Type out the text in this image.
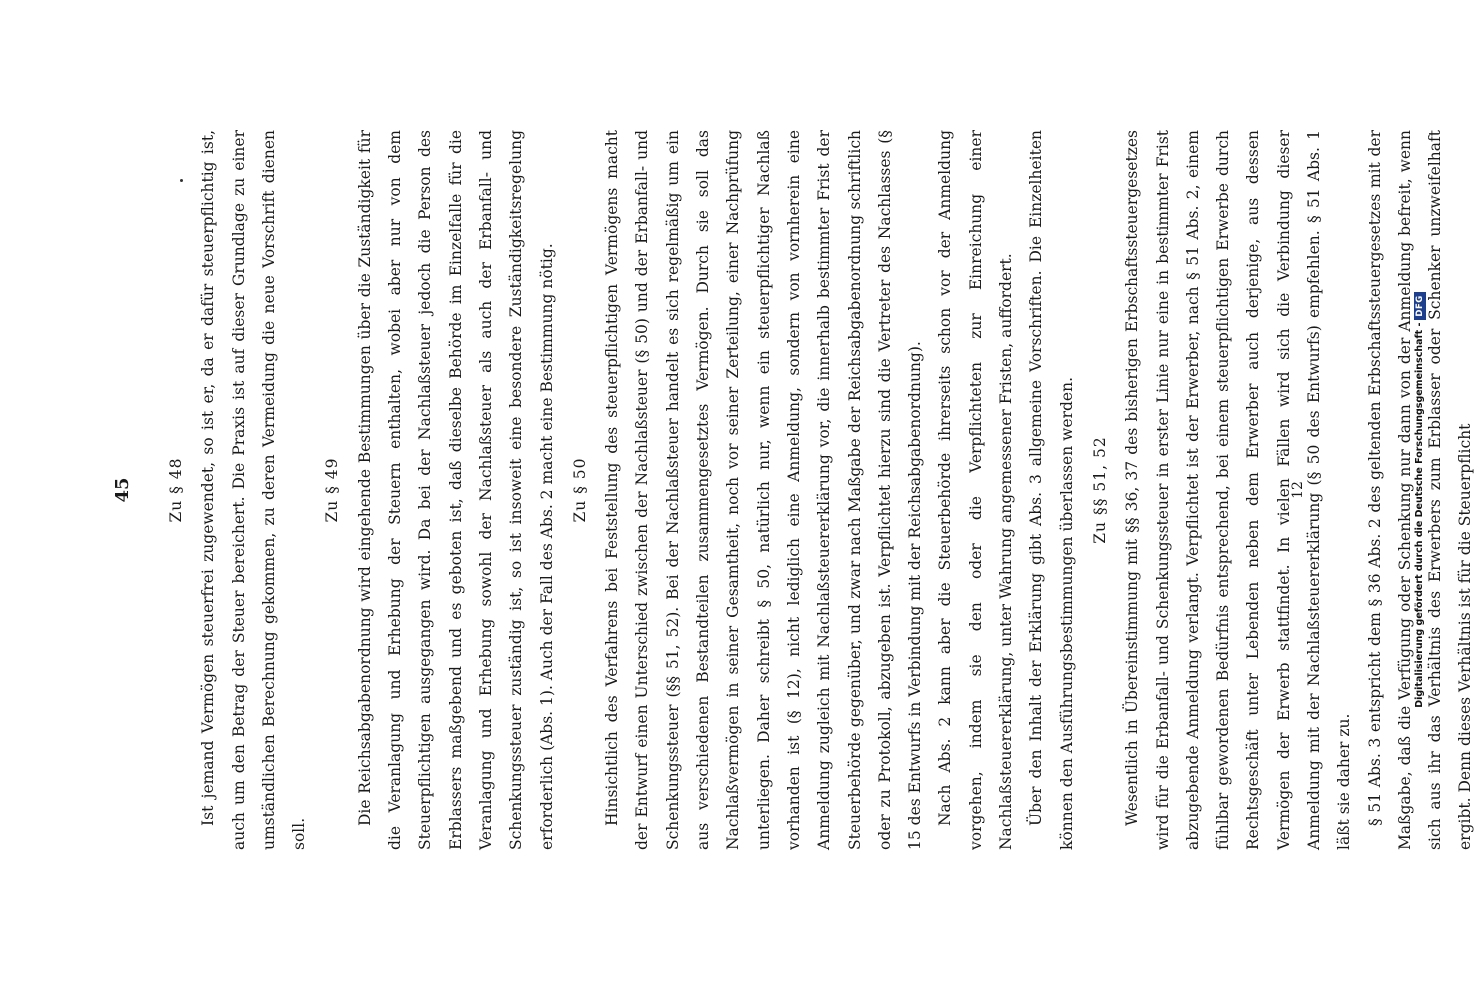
45	Zu § 48 Ist jemand Vermögen steuerfrei zugewendet, so ist er, da er dafür steuerpflichtig ist, auch um den Betrag der Steuer bereichert. Die Praxis ist auf dieser Grundlage zu einer umständlichen Berechnung gekommen, zu deren Vermeidung die neue Vorschrift dienen soll.

Zu § 49 Die Reichsabgabenordnung wird eingehende Bestimmungen über die Zuständigkeit für die Veranlagung und Erhebung der Steuern enthalten, wobei aber nur von dem Steuerpflichtigen ausgegangen wird. Da bei der Nachlaßsteuer jedoch die Person des Erblassers maßgebend und es geboten ist, daß dieselbe Behörde im Einzelfalle für die Veranlagung und Erhebung sowohl der Nachlaßsteuer als auch der Erbanfall- und Schenkungssteuer zuständig ist, so ist insoweit eine besondere Zuständigkeitsregelung erforderlich (Abs. 1). Auch der Fall des Abs. 2 macht eine Bestimmung nötig. Zu § 50 Hinsichtlich des Verfahrens bei Feststellung des steuerpflichtigen Vermögens macht der Entwurf einen Unterschied zwischen der Nachlaßsteuer (§ 50) und der Erbanfall- und Schenkungssteuer (§§ 51, 52). Bei der Nachlaßsteuer handelt es sich regelmäßig um ein aus verschiedenen Bestandteilen zusammengesetztes Vermögen. Durch sie soll das Nachlaßvermögen in seiner Gesamtheit, noch vor seiner Zerteilung, einer Nachprüfung unterliegen. Daher schreibt § 50, natürlich nur, wenn ein steuerpflichtiger Nachlaß vorhanden ist (§ 12), nicht lediglich eine Anmeldung, sondern von vornherein eine Anmeldung zugleich mit Nachlaßsteuererklärung vor, die innerhalb bestimmter Frist der Steuerbehörde gegenüber, und zwar nach Maßgabe der Reichsabgabenordnung schriftlich oder zu Protokoll, abzugeben ist. Verpflichtet hierzu sind die Vertreter des Nachlasses (§ 15 des Entwurfs in Verbindung mit der Reichsabgabenordnung). Nach Abs. 2 kann aber die Steuerbehörde ihrerseits schon vor der Anmeldung vorgehen, indem sie den oder die Verpflichteten zur Einreichung einer Nachlaßsteuererklärung, unter Wahrung angemessener Fristen, auffordert. Über den Inhalt der Erklärung gibt Abs. 3 allgemeine Vorschriften. Die Einzelheiten können den Ausführungsbestimmungen überlassen werden. Zu §§ 51, 52 Wesentlich in Übereinstimmung mit §§ 36, 37 des bisherigen Erbschaftssteuergesetzes wird für die Erbanfall- und Schenkungssteuer in erster Linie nur eine in bestimmter Frist abzugebende Anmeldung verlangt. Verpflichtet ist der Erwerber, nach § 51 Abs. 2, einem fühlbar gewordenen Bedürfnis entsprechend, bei einem steuerpflichtigen Erwerbe durch Rechtsgeschäft unter Lebenden neben dem Erwerber auch derjenige, aus dessen Vermögen der Erwerb stattfindet. In vielen Fällen wird sich die Verbindung dieser Anmeldung mit der Nachlaßsteuererklärung (§ 50 des Entwurfs) empfehlen. § 51 Abs. 1 läßt sie daher zu. § 51 Abs. 3 entspricht dem § 36 Abs. 2 des geltenden Erbschaftssteuergesetzes mit der Maßgabe, daß die Verfügung oder Schenkung nur dann von der Anmeldung befreit, wenn sich aus ihr das Verhältnis des Erwerbers zum Erblasser oder Schenker unzweifelhaft ergibt. Denn dieses Verhältnis ist für die Steuerpflicht

12	Digitalisierung gefördert durch die Deutsche Forschungsgemeinschaft -DFG
